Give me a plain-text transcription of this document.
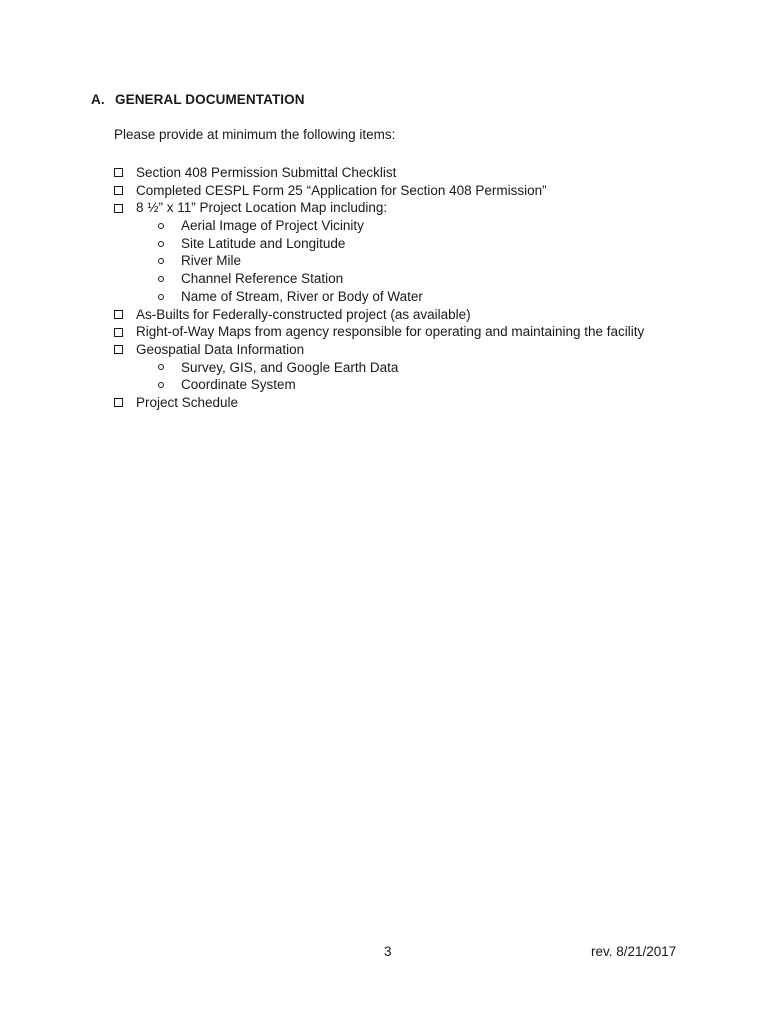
A. GENERAL DOCUMENTATION

Please provide at minimum the following items:

Section 408 Permission Submittal Checklist
Completed CESPL Form 25 “Application for Section 408 Permission”
8 ½” x 11” Project Location Map including:
Aerial Image of Project Vicinity
Site Latitude and Longitude
River Mile
Channel Reference Station
Name of Stream, River or Body of Water
As-Builts for Federally-constructed project (as available)
Right-of-Way Maps from agency responsible for operating and maintaining the facility
Geospatial Data Information
Survey, GIS, and Google Earth Data
Coordinate System
Project Schedule
3	rev. 8/21/2017
